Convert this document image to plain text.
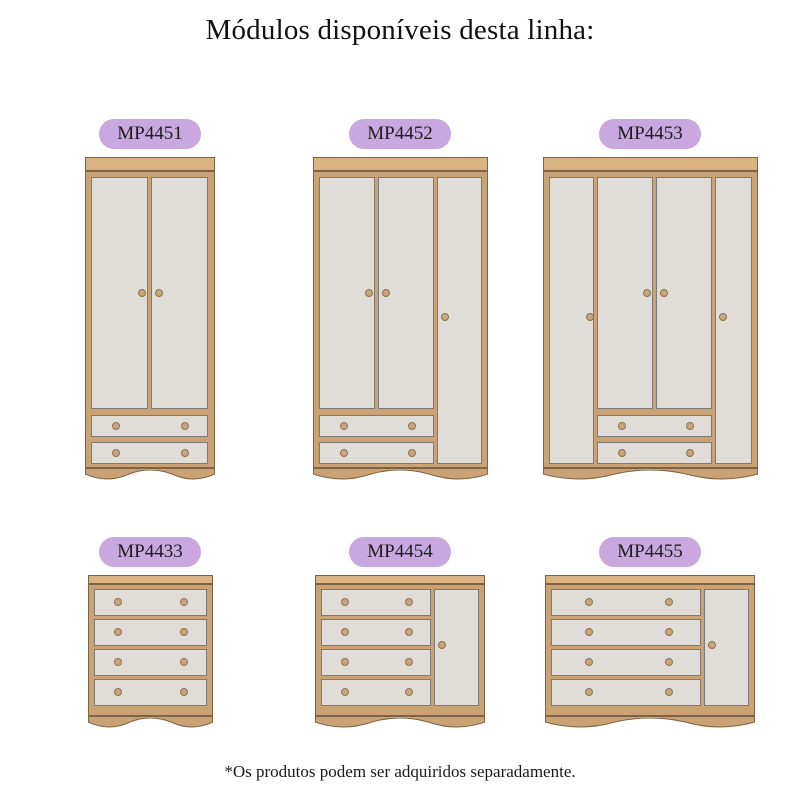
Módulos disponíveis desta linha:
MP4451	MP4452	MP4453
MP4433	MP4454	MP4455
*Os produtos podem ser adquiridos separadamente.
